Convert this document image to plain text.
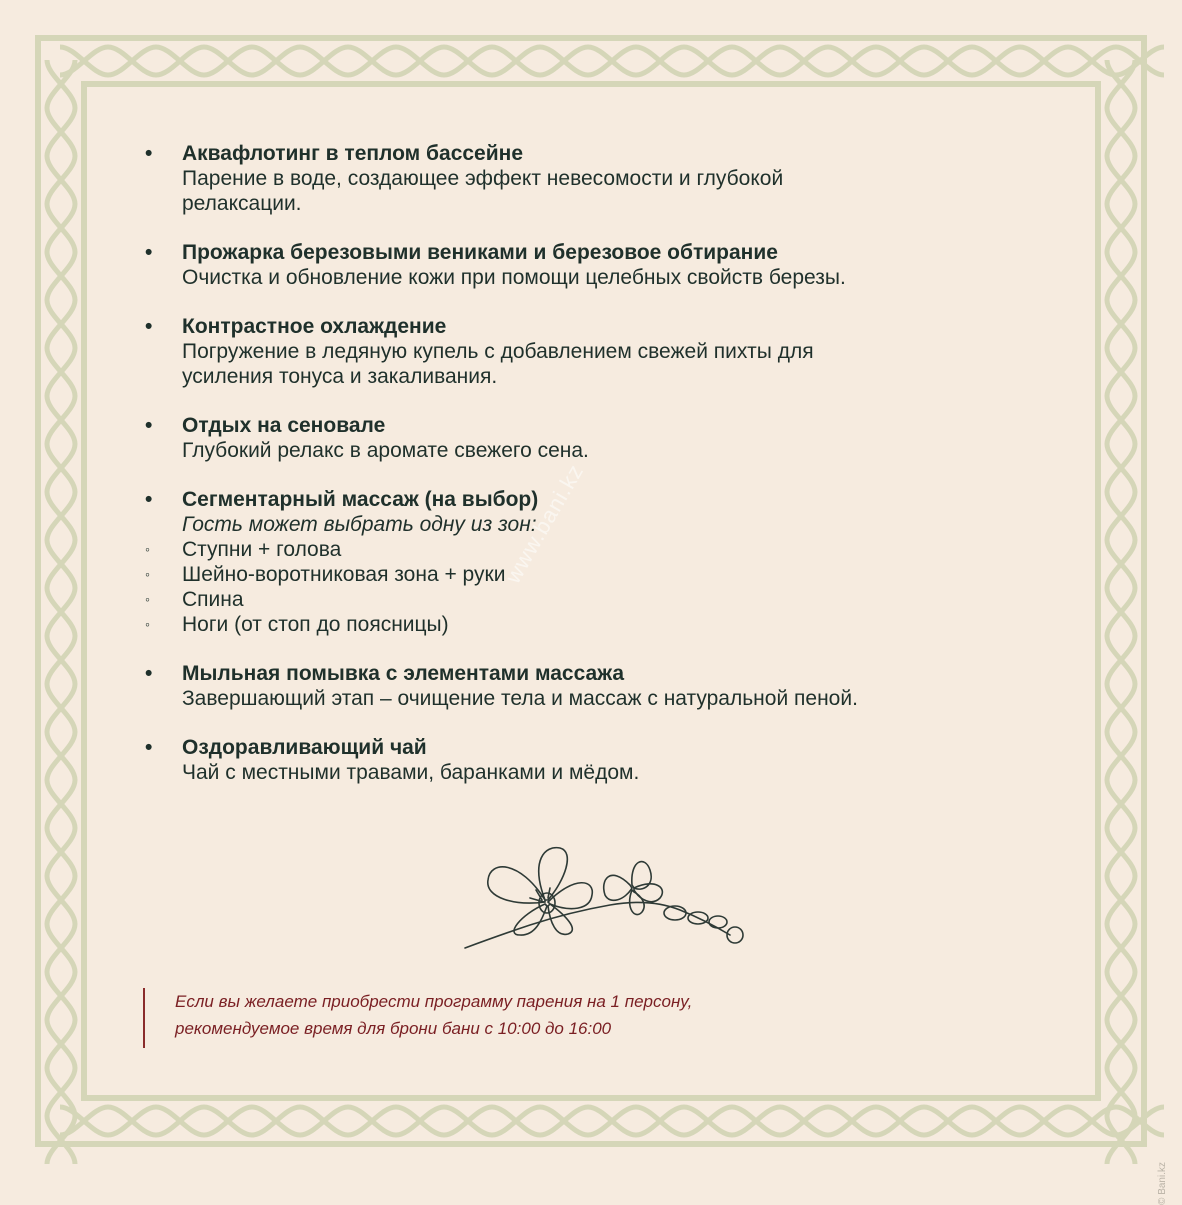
• Аквафлотинг в теплом бассейне
Парение в воде, создающее эффект невесомости и глубокой
релаксации.
• Прожарка березовыми вениками и березовое обтирание
Очистка и обновление кожи при помощи целебных свойств березы.
• Контрастное охлаждение
Погружение в ледяную купель с добавлением свежей пихты для
усиления тонуса и закаливания.
• Отдых на сеновале
Глубокий релакс в аромате свежего сена.
• Сегментарный массаж (на выбор)
Гость может выбрать одну из зон:
◦ Ступни + голова
◦ Шейно-воротниковая зона + руки
◦ Спина
◦ Ноги (от стоп до поясницы)
• Мыльная помывка с элементами массажа
Завершающий этап – очищение тела и массаж с натуральной пеной.
• Оздоравливающий чай
Чай с местными травами, баранками и мёдом.
Если вы желаете приобрести программу парения на 1 персону,
рекомендуемое время для брони бани с 10:00 до 16:00
www.bani.kz
© Bani.kz
